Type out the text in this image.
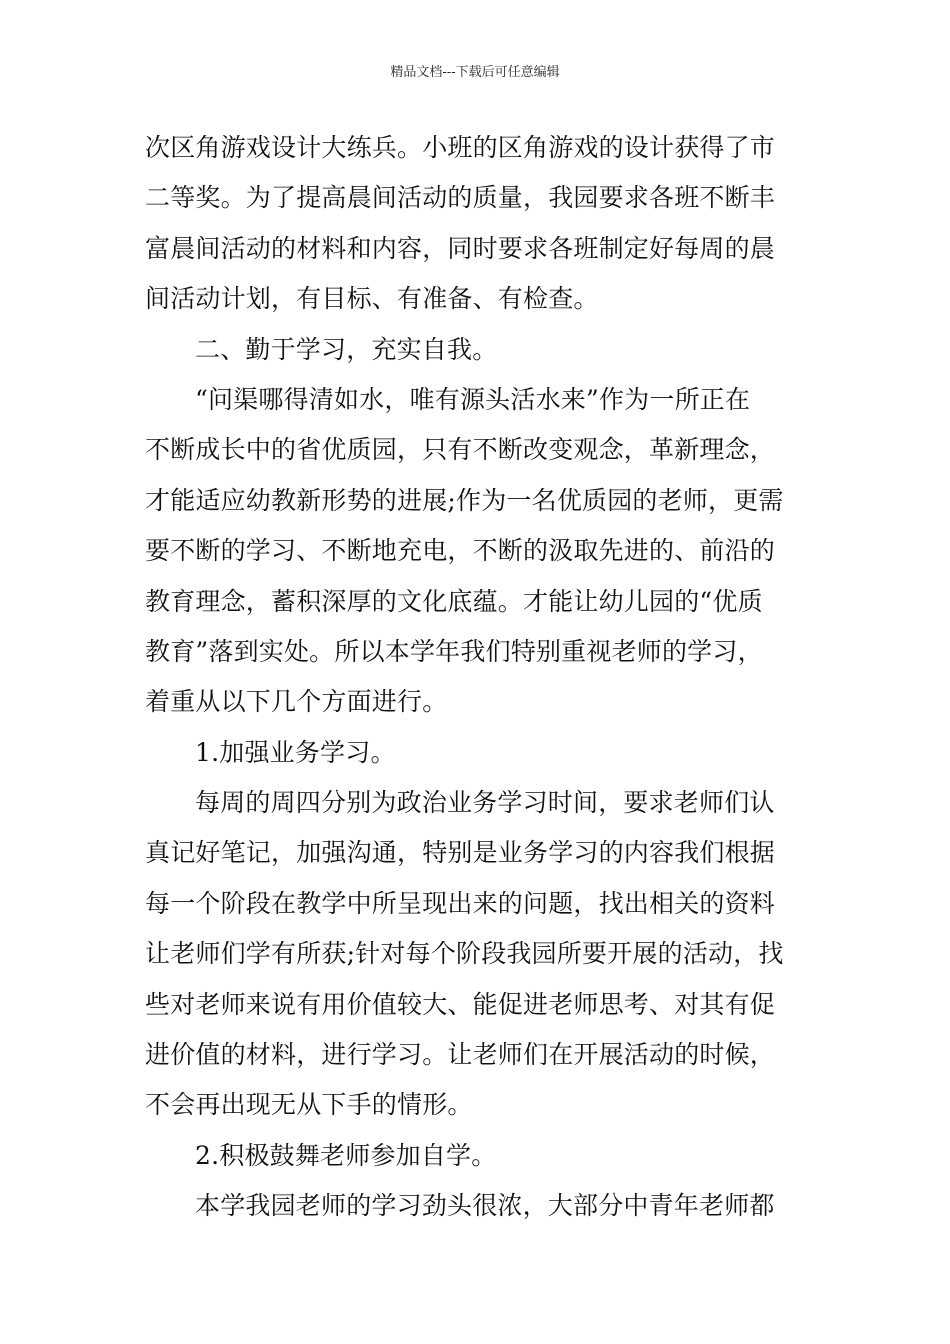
精品文档---下载后可任意编辑
次区角游戏设计大练兵。小班的区角游戏的设计获得了市
二等奖。为了提高晨间活动的质量，我园要求各班不断丰
富晨间活动的材料和内容，同时要求各班制定好每周的晨
间活动计划，有目标、有准备、有检查。
二、勤于学习，充实自我。
“问渠哪得清如水，唯有源头活水来”作为一所正在
不断成长中的省优质园，只有不断改变观念，革新理念，
才能适应幼教新形势的进展;作为一名优质园的老师，更需
要不断的学习、不断地充电，不断的汲取先进的、前沿的
教育理念，蓄积深厚的文化底蕴。才能让幼儿园的“优质
教育”落到实处。所以本学年我们特别重视老师的学习，
着重从以下几个方面进行。
1.加强业务学习。
每周的周四分别为政治业务学习时间，要求老师们认
真记好笔记，加强沟通，特别是业务学习的内容我们根据
每一个阶段在教学中所呈现出来的问题，找出相关的资料
让老师们学有所获;针对每个阶段我园所要开展的活动，找
些对老师来说有用价值较大、能促进老师思考、对其有促
进价值的材料，进行学习。让老师们在开展活动的时候，
不会再出现无从下手的情形。
2.积极鼓舞老师参加自学。
本学我园老师的学习劲头很浓，大部分中青年老师都
